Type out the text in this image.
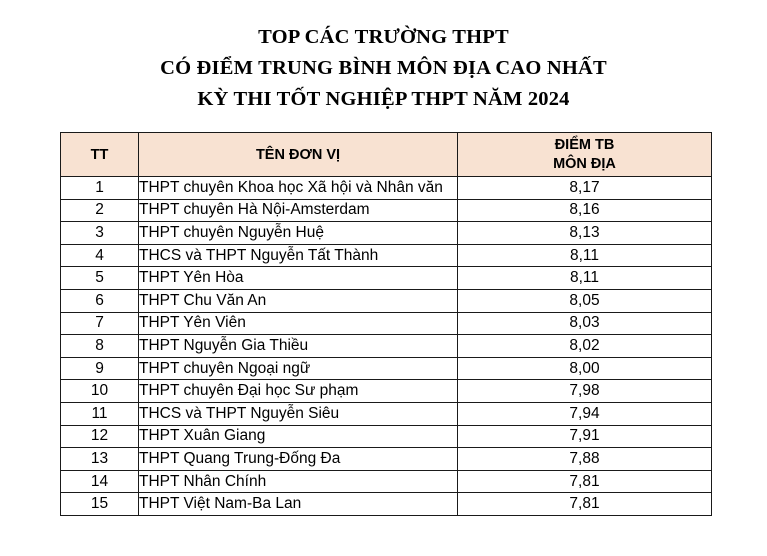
TOP CÁC TRƯỜNG THPT
CÓ ĐIỂM TRUNG BÌNH MÔN ĐỊA CAO NHẤT
KỲ THI TỐT NGHIỆP THPT NĂM 2024
TT	TÊN ĐƠN VỊ	ĐIỂM TB
MÔN ĐỊA

1	THPT chuyên Khoa học Xã hội và Nhân văn	8,17
2	THPT chuyên Hà Nội-Amsterdam	8,16
3	THPT chuyên Nguyễn Huệ	8,13
4	THCS và THPT Nguyễn Tất Thành	8,11
5	THPT Yên Hòa	8,11
6	THPT Chu Văn An	8,05
7	THPT Yên Viên	8,03
8	THPT Nguyễn Gia Thiều	8,02
9	THPT chuyên Ngoại ngữ	8,00
10	THPT chuyên Đại học Sư phạm	7,98
11	THCS và THPT Nguyễn Siêu	7,94
12	THPT Xuân Giang	7,91
13	THPT Quang Trung-Đống Đa	7,88
14	THPT Nhân Chính	7,81
15	THPT Việt Nam-Ba Lan	7,81
